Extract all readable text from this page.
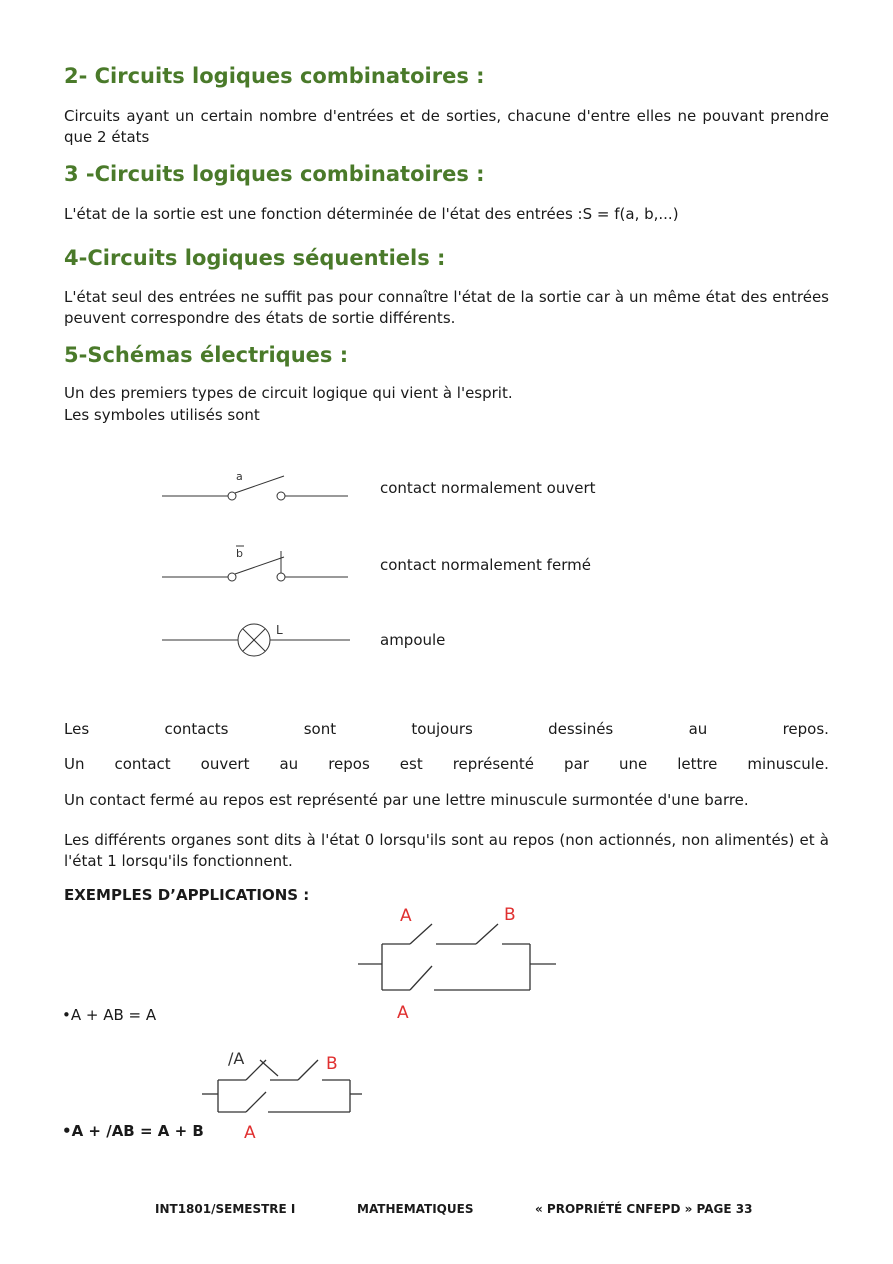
2- Circuits logiques combinatoires :
Circuits ayant un certain nombre d'entrées et de sorties, chacune d'entre elles ne pouvant prendre que 2 états
3 -Circuits logiques combinatoires :
L'état de la sortie est une fonction déterminée de l'état des entrées :S = f(a, b,...)
4-Circuits logiques séquentiels :
L'état seul des entrées ne suffit pas pour connaître l'état de la sortie car à un même état des entrées peuvent correspondre des états de sortie différents.
5-Schémas électriques :
Un des premiers types de circuit logique qui vient à l'esprit.
Les symboles utilisés sont
a
contact normalement ouvert
b
contact normalement fermé
L
ampoule
Les	contacts	sont	toujours	dessinés	au	repos.
Un contact ouvert au repos est représenté par une lettre minuscule.
Un contact fermé au repos est représenté par une lettre minuscule surmontée d'une barre.
Les différents organes sont dits à l'état 0 lorsqu'ils sont au repos (non actionnés, non alimentés) et à l'état 1 lorsqu'ils fonctionnent.
EXEMPLES D’APPLICATIONS :
A	B
A
•A + AB = A
/A	B
A
•A + /AB = A + B
INT1801/SEMESTRE I	MATHEMATIQUES	« PROPRIÉTÉ CNFEPD » PAGE 33
